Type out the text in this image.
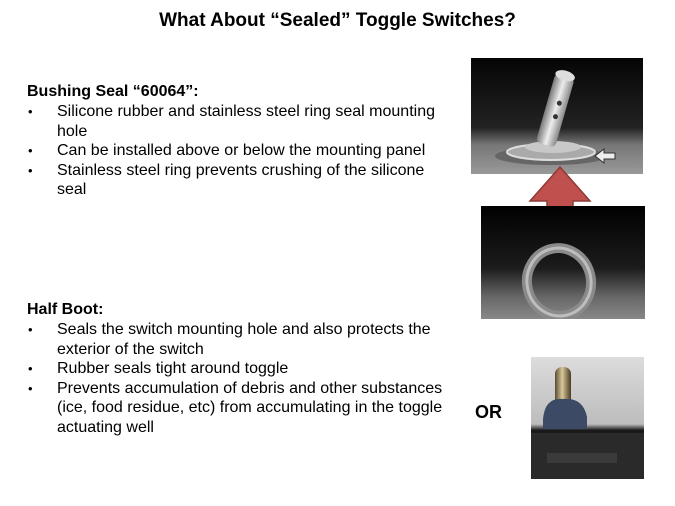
What About “Sealed” Toggle Switches?
Bushing Seal “60064”:
• Silicone rubber and stainless steel ring seal mounting hole
• Can be installed above or below the mounting panel
• Stainless steel ring prevents crushing of the silicone seal
Half Boot:
• Seals the switch mounting hole and also protects the exterior of the switch
• Rubber seals tight around toggle
• Prevents accumulation of debris and other substances (ice, food residue, etc) from accumulating in the toggle actuating well
OR
